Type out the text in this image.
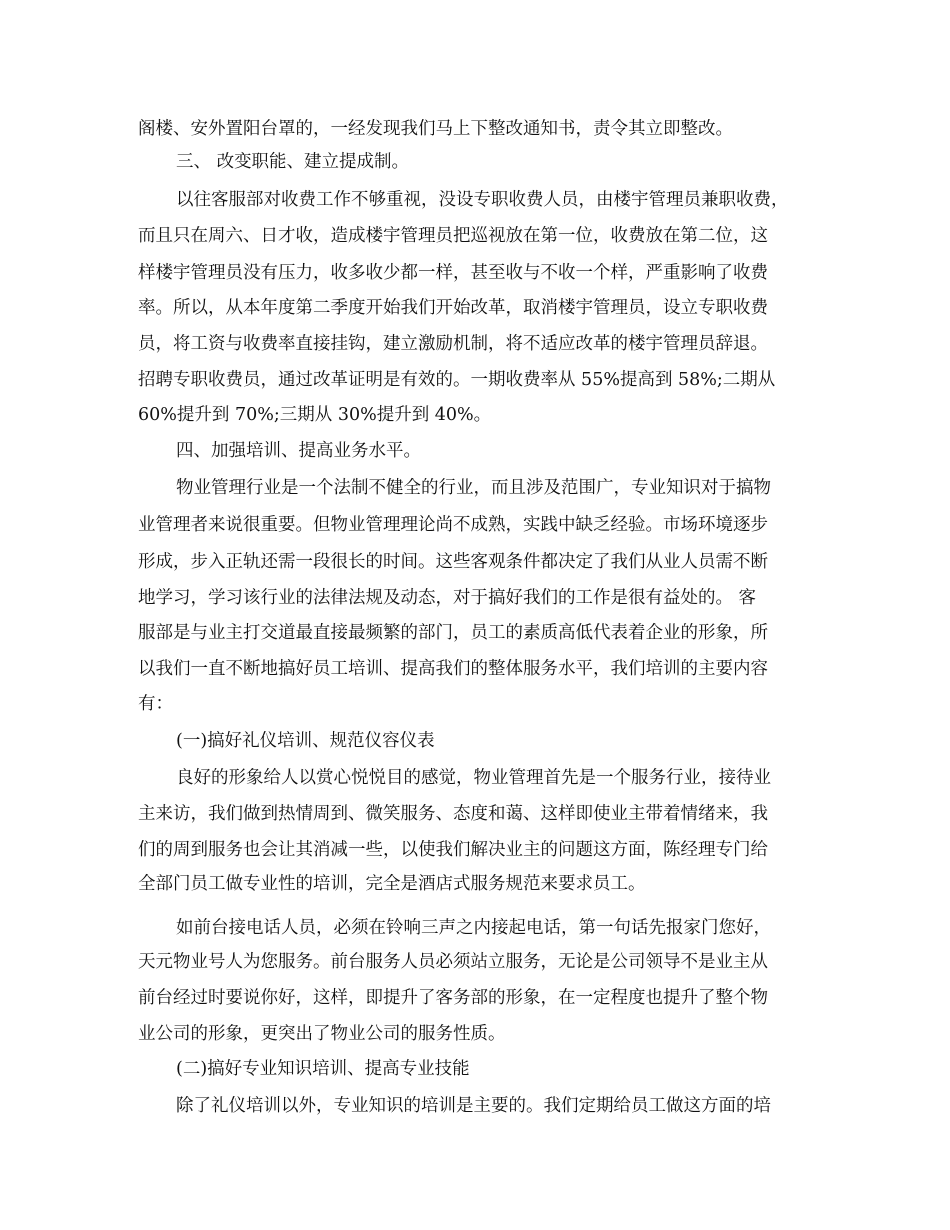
阁楼、安外置阳台罩的，一经发现我们马上下整改通知书，责令其立即整改。
三、 改变职能、建立提成制。
以往客服部对收费工作不够重视，没设专职收费人员，由楼宇管理员兼职收费，
而且只在周六、日才收，造成楼宇管理员把巡视放在第一位，收费放在第二位，这
样楼宇管理员没有压力，收多收少都一样，甚至收与不收一个样，严重影响了收费
率。所以，从本年度第二季度开始我们开始改革，取消楼宇管理员，设立专职收费
员，将工资与收费率直接挂钩，建立激励机制，将不适应改革的楼宇管理员辞退。
招聘专职收费员，通过改革证明是有效的。一期收费率从 55%提高到 58%;二期从
60%提升到 70%;三期从 30%提升到 40%。
四、加强培训、提高业务水平。
物业管理行业是一个法制不健全的行业，而且涉及范围广，专业知识对于搞物
业管理者来说很重要。但物业管理理论尚不成熟，实践中缺乏经验。市场环境逐步
形成，步入正轨还需一段很长的时间。这些客观条件都决定了我们从业人员需不断
地学习，学习该行业的法律法规及动态，对于搞好我们的工作是很有益处的。 客
服部是与业主打交道最直接最频繁的部门，员工的素质高低代表着企业的形象，所
以我们一直不断地搞好员工培训、提高我们的整体服务水平，我们培训的主要内容
有：
(一)搞好礼仪培训、规范仪容仪表
良好的形象给人以赏心悦悦目的感觉，物业管理首先是一个服务行业，接待业
主来访，我们做到热情周到、微笑服务、态度和蔼、这样即使业主带着情绪来，我
们的周到服务也会让其消减一些，以使我们解决业主的问题这方面，陈经理专门给
全部门员工做专业性的培训，完全是酒店式服务规范来要求员工。
如前台接电话人员，必须在铃响三声之内接起电话，第一句话先报家门您好，
天元物业号人为您服务。前台服务人员必须站立服务，无论是公司领导不是业主从
前台经过时要说你好，这样，即提升了客务部的形象，在一定程度也提升了整个物
业公司的形象，更突出了物业公司的服务性质。
(二)搞好专业知识培训、提高专业技能
除了礼仪培训以外，专业知识的培训是主要的。我们定期给员工做这方面的培
